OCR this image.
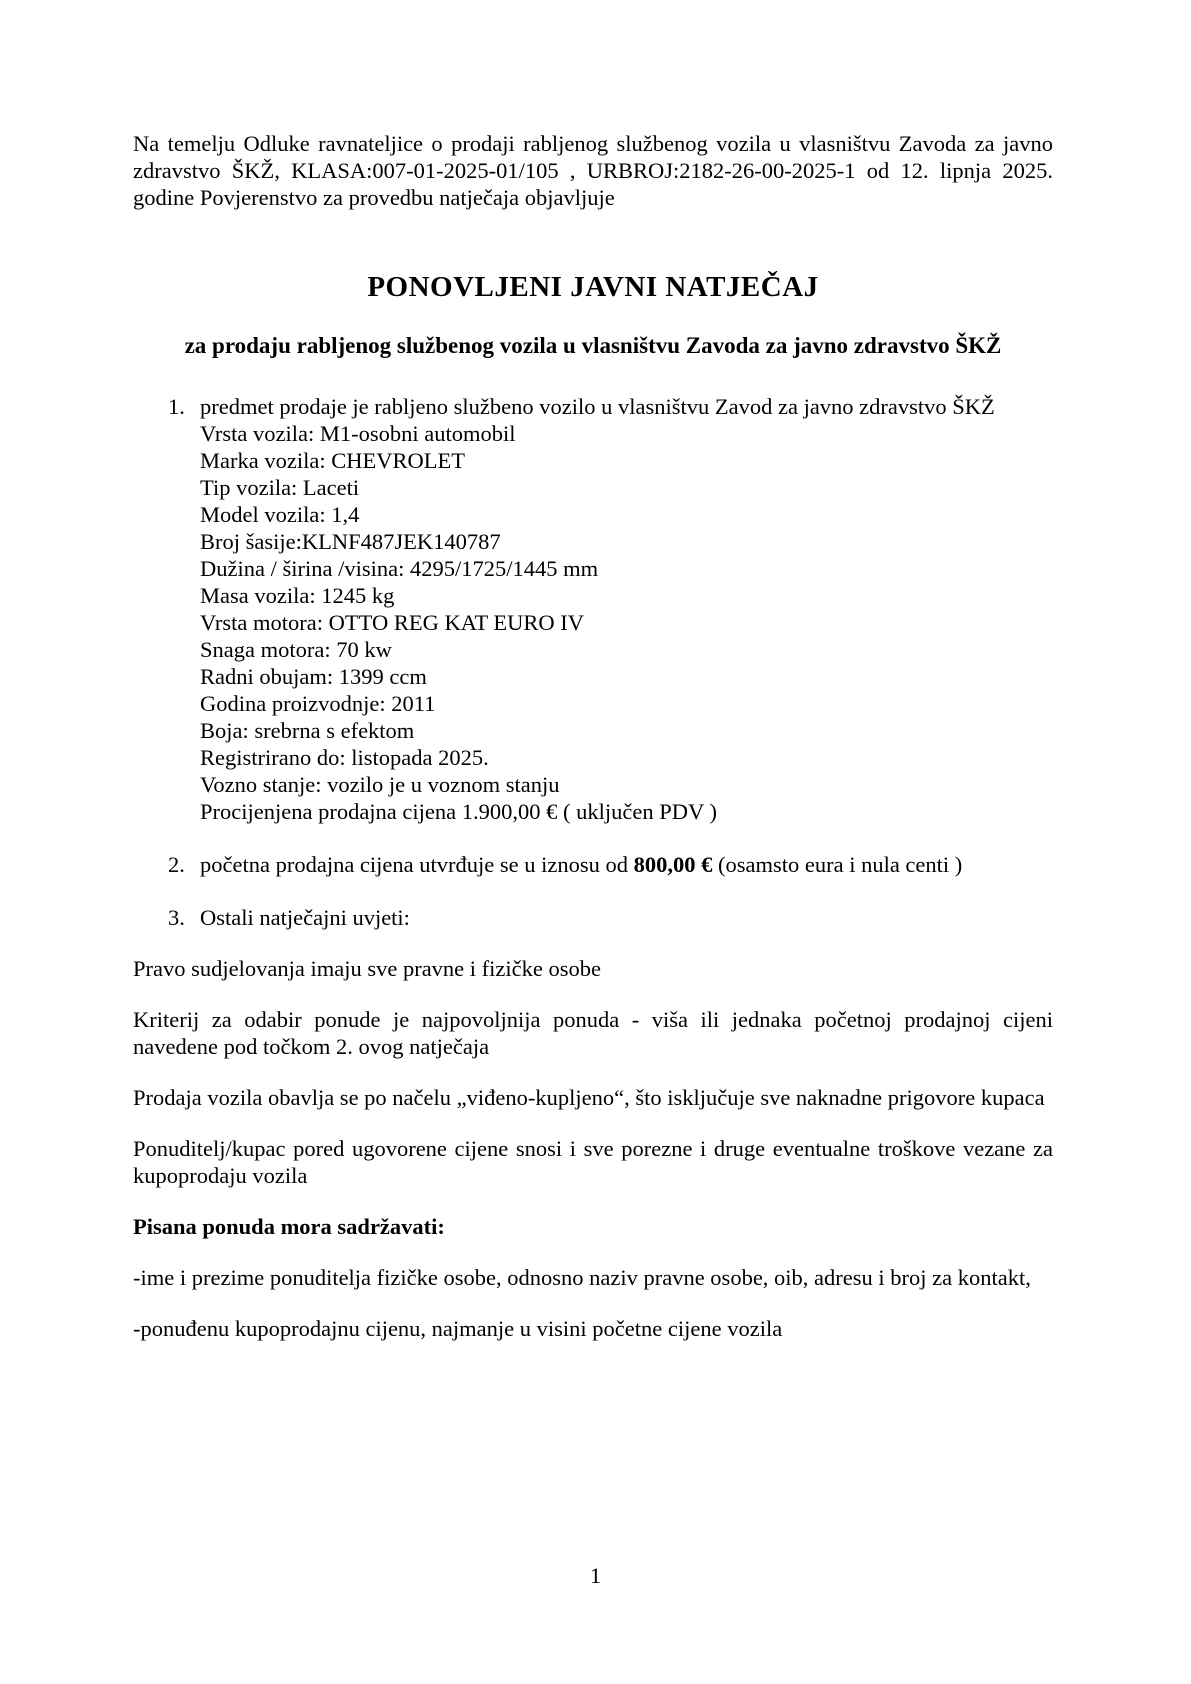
Na temelju Odluke ravnateljice o prodaji rabljenog službenog vozila u vlasništvu Zavoda za javno zdravstvo ŠKŽ, KLASA:007-01-2025-01/105 , URBROJ:2182-26-00-2025-1 od 12. lipnja 2025. godine Povjerenstvo za provedbu natječaja objavljuje

PONOVLJENI JAVNI NATJEČAJ

za prodaju rabljenog službenog vozila u vlasništvu Zavoda za javno zdravstvo ŠKŽ

1. predmet prodaje je rabljeno službeno vozilo u vlasništvu Zavod za javno zdravstvo ŠKŽ
Vrsta vozila: M1-osobni automobil
Marka vozila: CHEVROLET
Tip vozila: Laceti
Model vozila: 1,4
Broj šasije:KLNF487JEK140787
Dužina / širina /visina: 4295/1725/1445 mm
Masa vozila: 1245 kg
Vrsta motora: OTTO REG KAT EURO IV
Snaga motora: 70 kw
Radni obujam: 1399 ccm
Godina proizvodnje: 2011
Boja: srebrna s efektom
Registrirano do: listopada 2025.
Vozno stanje: vozilo je u voznom stanju
Procijenjena prodajna cijena 1.900,00 € ( uključen PDV )
2. početna prodajna cijena utvrđuje se u iznosu od 800,00 € (osamsto eura i nula centi )
3. Ostali natječajni uvjeti:

Pravo sudjelovanja imaju sve pravne i fizičke osobe

Kriterij za odabir ponude je najpovoljnija ponuda - viša ili jednaka početnoj prodajnoj cijeni navedene pod točkom 2. ovog natječaja

Prodaja vozila obavlja se po načelu „viđeno-kupljeno“, što isključuje sve naknadne prigovore kupaca

Ponuditelj/kupac pored ugovorene cijene snosi i sve porezne i druge eventualne troškove vezane za kupoprodaju vozila

Pisana ponuda mora sadržavati:

-ime i prezime ponuditelja fizičke osobe, odnosno naziv pravne osobe, oib, adresu i broj za kontakt,

-ponuđenu kupoprodajnu cijenu, najmanje u visini početne cijene vozila

1
